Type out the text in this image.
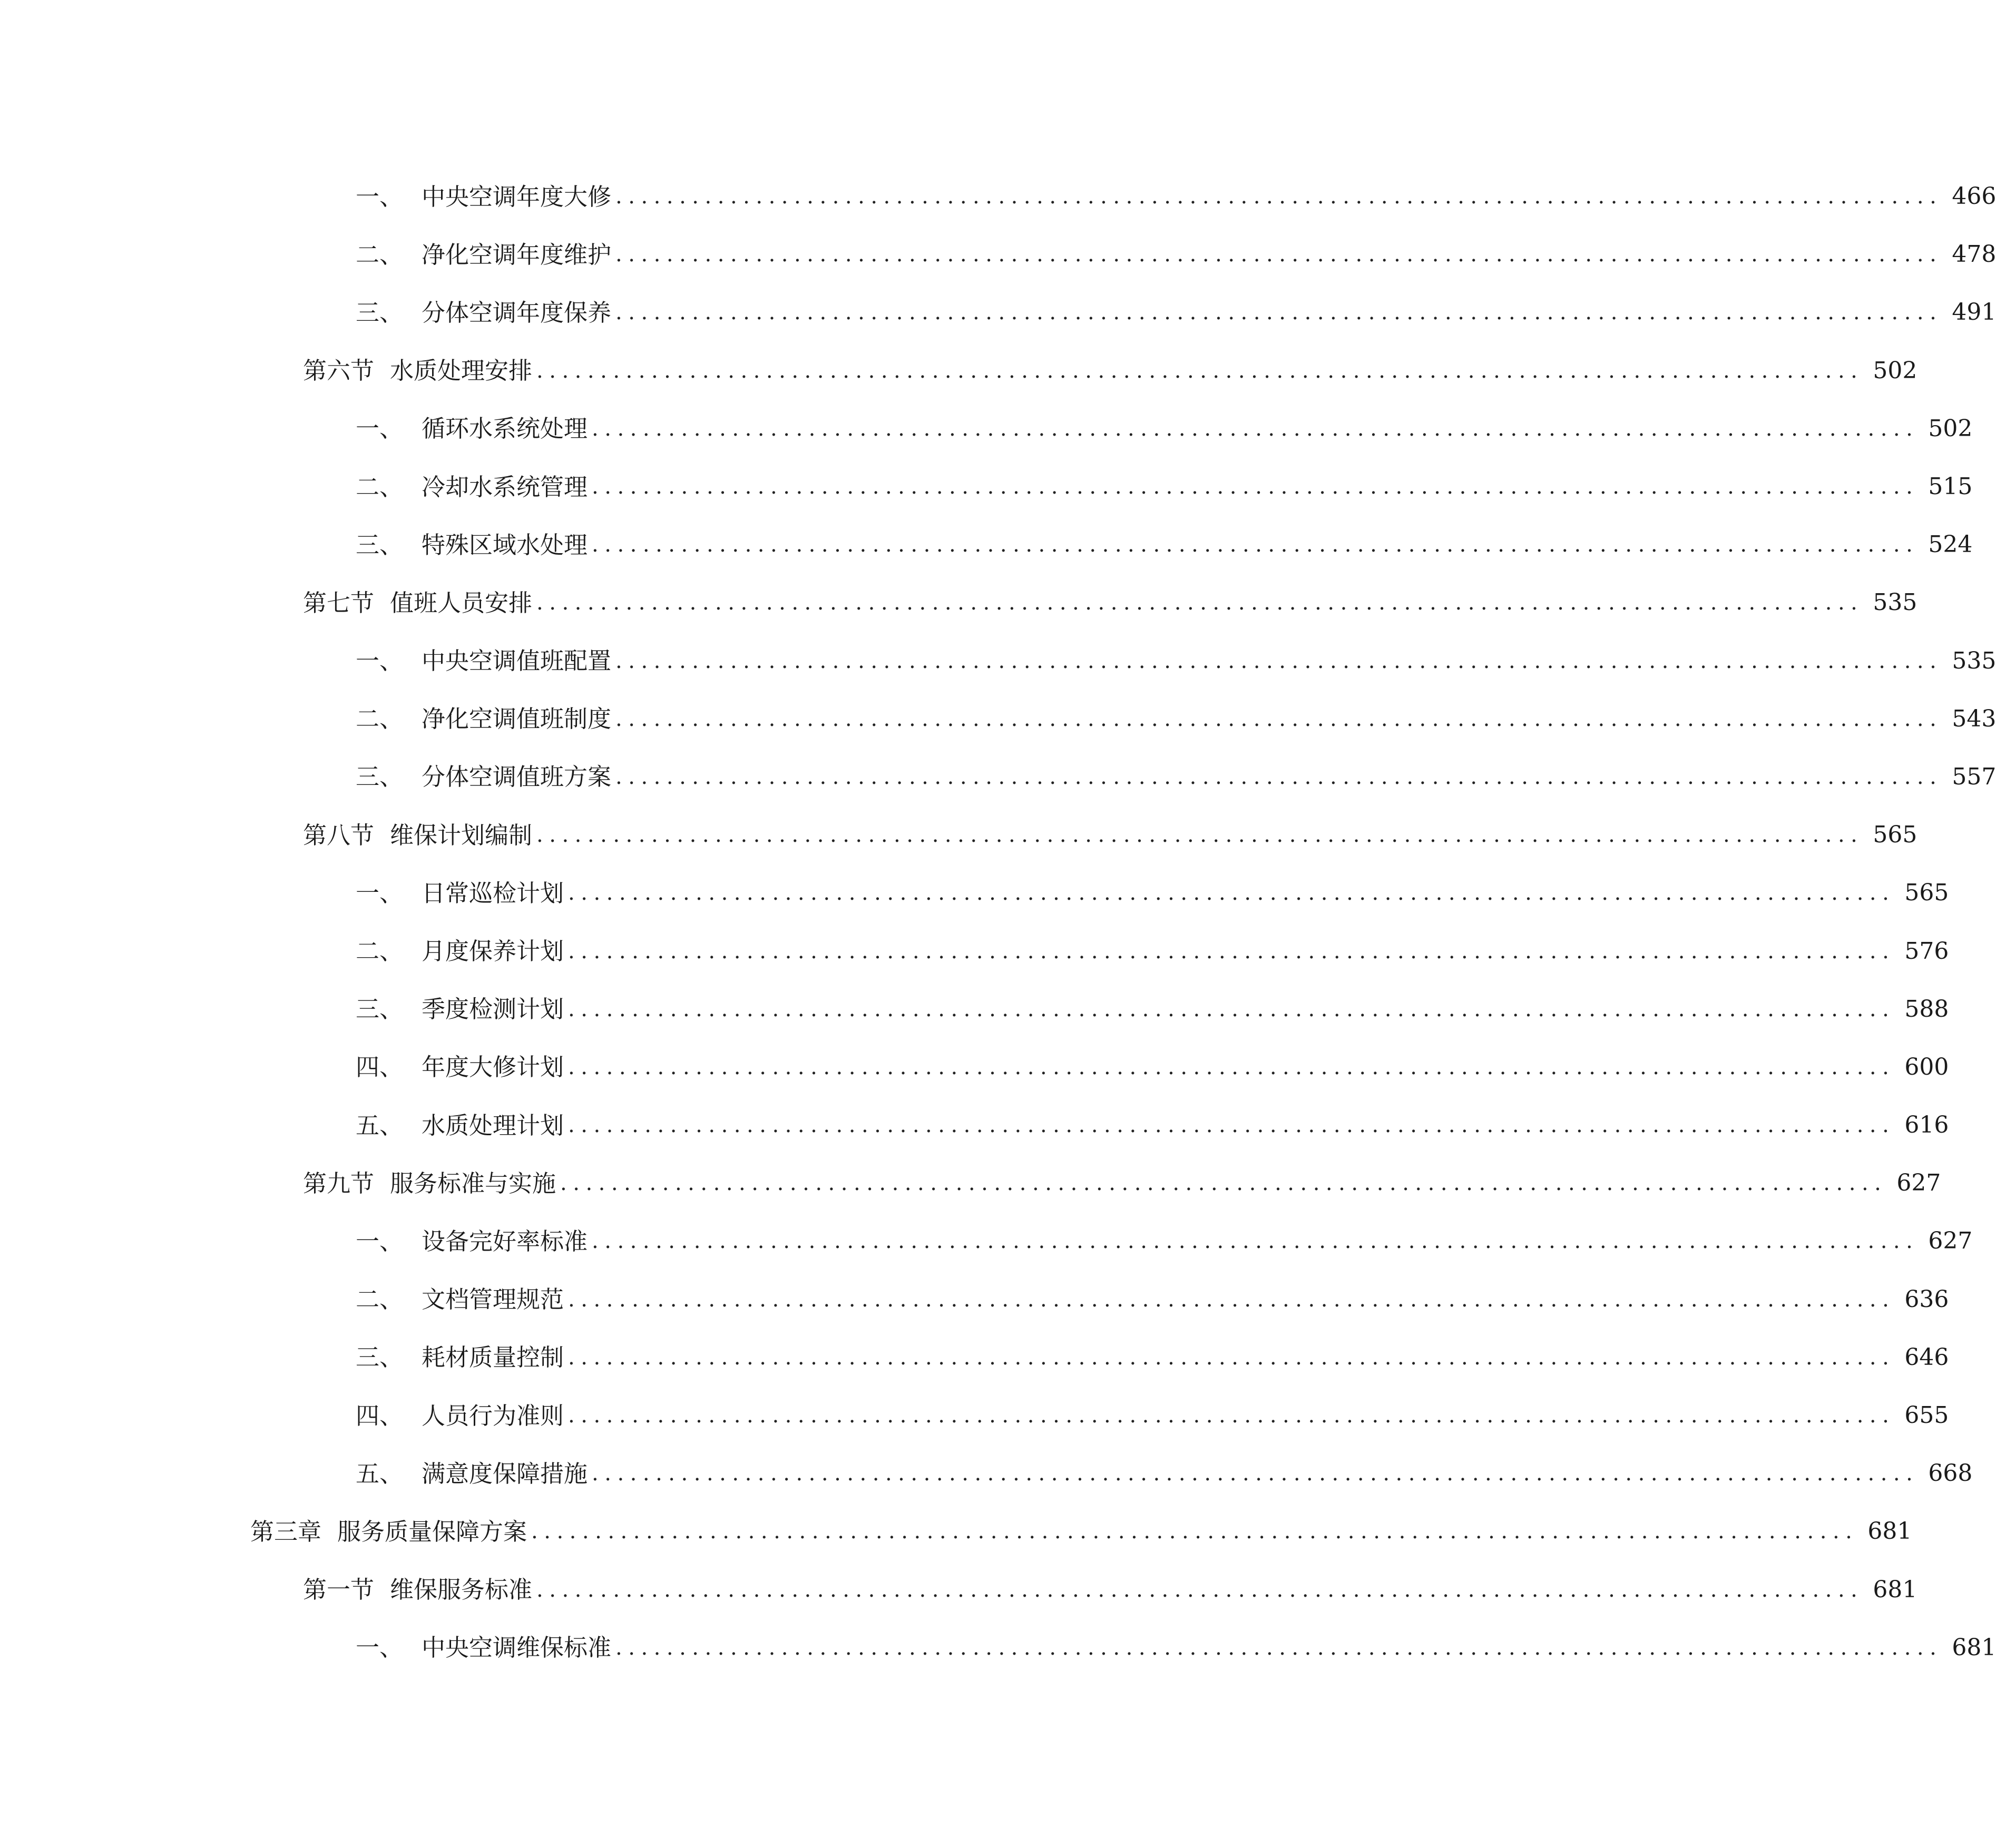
一、 中央空调年度大修 ........................................................................................................ 466
二、 净化空调年度维护 ........................................................................................................ 478
三、 分体空调年度保养 ........................................................................................................ 491
第六节 水质处理安排 ........................................................................................................ 502
一、 循环水系统处理 ........................................................................................................ 502
二、 冷却水系统管理 ........................................................................................................ 515
三、 特殊区域水处理 ........................................................................................................ 524
第七节 值班人员安排 ........................................................................................................ 535
一、 中央空调值班配置 ........................................................................................................ 535
二、 净化空调值班制度 ........................................................................................................ 543
三、 分体空调值班方案 ........................................................................................................ 557
第八节 维保计划编制 ........................................................................................................ 565
一、 日常巡检计划 ........................................................................................................ 565
二、 月度保养计划 ........................................................................................................ 576
三、 季度检测计划 ........................................................................................................ 588
四、 年度大修计划 ........................................................................................................ 600
五、 水质处理计划 ........................................................................................................ 616
第九节 服务标准与实施 ........................................................................................................ 627
一、 设备完好率标准 ........................................................................................................ 627
二、 文档管理规范 ........................................................................................................ 636
三、 耗材质量控制 ........................................................................................................ 646
四、 人员行为准则 ........................................................................................................ 655
五、 满意度保障措施 ........................................................................................................ 668
第三章 服务质量保障方案 ........................................................................................................ 681
第一节 维保服务标准 ........................................................................................................ 681
一、 中央空调维保标准 ........................................................................................................ 681
